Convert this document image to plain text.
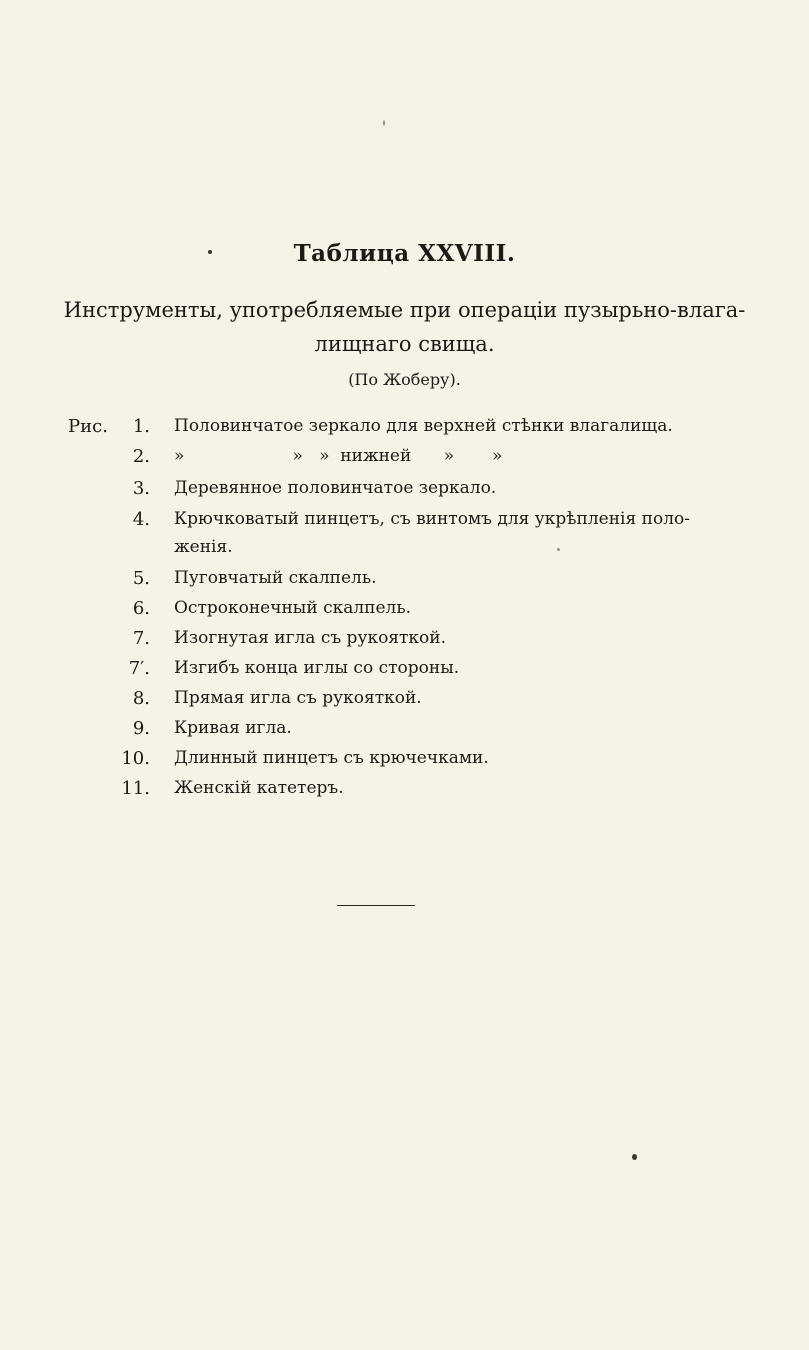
Таблица XXVIII.
Инструменты, употребляемые при операціи пузырьно-влага-
лищнаго свища.
(По Жоберу).
Рис.	1. Половинчатое зеркало для верхней стѣнки влагалища.
2. »                    »   »  нижней      »       »
3. Деревянное половинчатое зеркало.
4. Крючковатый пинцетъ, съ винтомъ для укрѣпленія поло-
женія.
5. Пуговчатый скалпель.
6. Остроконечный скалпель.
7. Изогнутая игла съ рукояткой.
7′. Изгибъ конца иглы со стороны.
8. Прямая игла съ рукояткой.
9. Кривая игла.
10. Длинный пинцетъ съ крючечками.
11. Женскій катетеръ.
